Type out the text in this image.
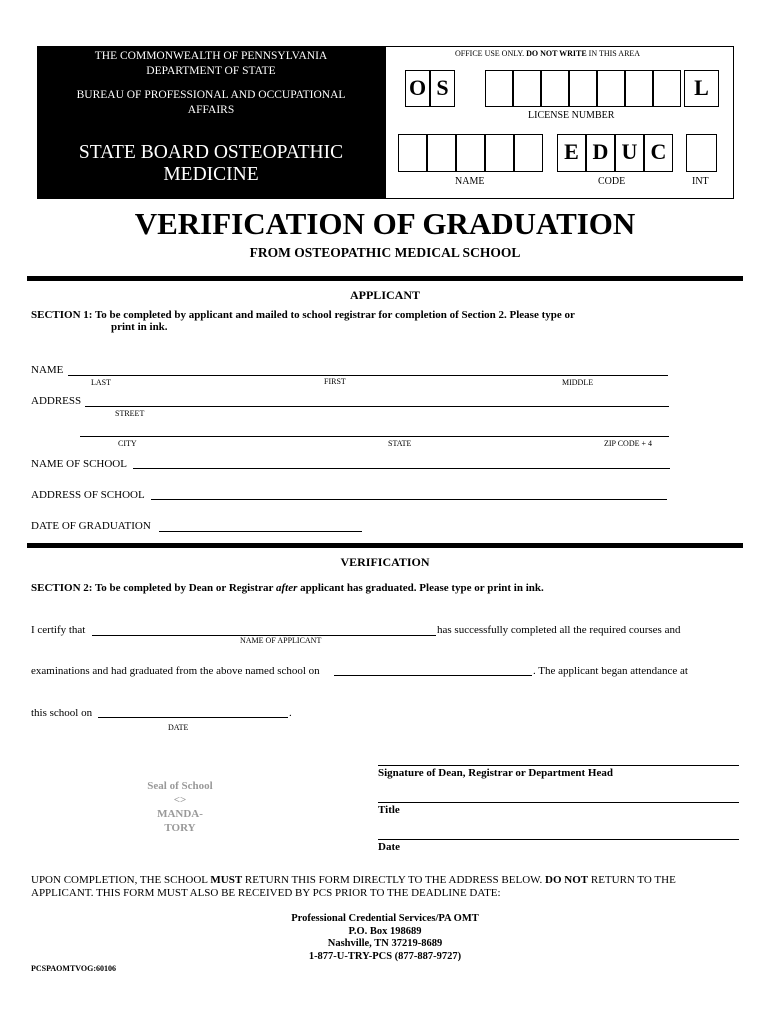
THE COMMONWEALTH OF PENNSYLVANIA
DEPARTMENT OF STATE
BUREAU OF PROFESSIONAL AND OCCUPATIONAL
AFFAIRS
STATE BOARD OSTEOPATHIC
MEDICINE
OFFICE USE ONLY. DO NOT WRITE IN THIS AREA
O S	L
LICENSE NUMBER
E D U C
NAME	CODE	INT
VERIFICATION OF GRADUATION
FROM OSTEOPATHIC MEDICAL SCHOOL
APPLICANT
SECTION 1: To be completed by applicant and mailed to school registrar for completion of Section 2. Please type or
print in ink.
NAME
LAST	FIRST	MIDDLE
ADDRESS
STREET
CITY	STATE	ZIP CODE + 4
NAME OF SCHOOL
ADDRESS OF SCHOOL
DATE OF GRADUATION
VERIFICATION
SECTION 2: To be completed by Dean or Registrar after applicant has graduated. Please type or print in ink.
I certify that	has successfully completed all the required courses and
NAME OF APPLICANT
examinations and had graduated from the above named school on	. The applicant began attendance at
this school on	.
DATE
Seal of School
<>
MANDA-
TORY
Signature of Dean, Registrar or Department Head
Title
Date
UPON COMPLETION, THE SCHOOL MUST RETURN THIS FORM DIRECTLY TO THE ADDRESS BELOW. DO NOT RETURN TO THE
APPLICANT. THIS FORM MUST ALSO BE RECEIVED BY PCS PRIOR TO THE DEADLINE DATE:
Professional Credential Services/PA OMT
P.O. Box 198689
Nashville, TN 37219-8689
1-877-U-TRY-PCS (877-887-9727)
PCSPAOMTVOG:60106
